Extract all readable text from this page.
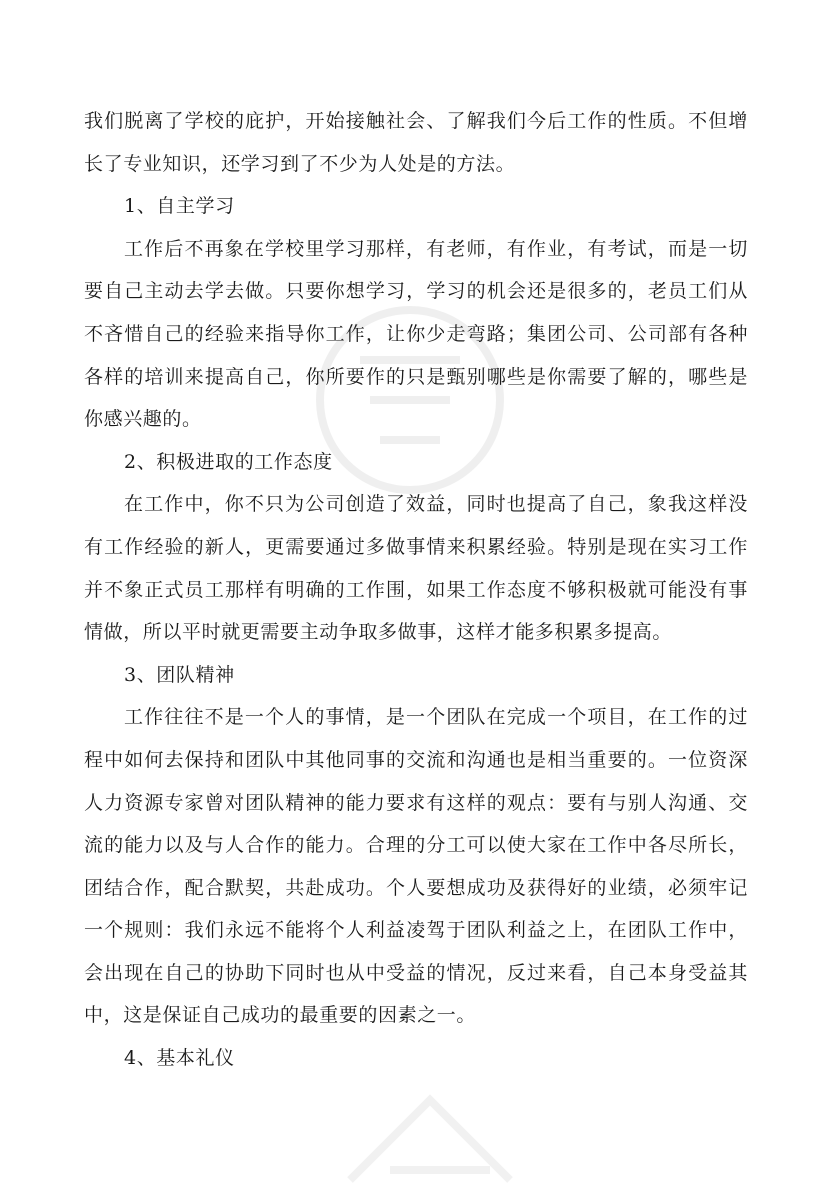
我们脱离了学校的庇护，开始接触社会、了解我们今后工作的性质。不但增长了专业知识，还学习到了不少为人处是的方法。

1、自主学习

工作后不再象在学校里学习那样，有老师，有作业，有考试，而是一切要自己主动去学去做。只要你想学习，学习的机会还是很多的，老员工们从不吝惜自己的经验来指导你工作，让你少走弯路；集团公司、公司部有各种各样的培训来提高自己，你所要作的只是甄别哪些是你需要了解的，哪些是你感兴趣的。

2、积极进取的工作态度

在工作中，你不只为公司创造了效益，同时也提高了自己，象我这样没有工作经验的新人，更需要通过多做事情来积累经验。特别是现在实习工作并不象正式员工那样有明确的工作围，如果工作态度不够积极就可能没有事情做，所以平时就更需要主动争取多做事，这样才能多积累多提高。

3、团队精神

工作往往不是一个人的事情，是一个团队在完成一个项目，在工作的过程中如何去保持和团队中其他同事的交流和沟通也是相当重要的。一位资深人力资源专家曾对团队精神的能力要求有这样的观点：要有与别人沟通、交流的能力以及与人合作的能力。合理的分工可以使大家在工作中各尽所长，团结合作，配合默契，共赴成功。个人要想成功及获得好的业绩，必须牢记一个规则：我们永远不能将个人利益凌驾于团队利益之上，在团队工作中，会出现在自己的协助下同时也从中受益的情况，反过来看，自己本身受益其中，这是保证自己成功的最重要的因素之一。

4、基本礼仪
